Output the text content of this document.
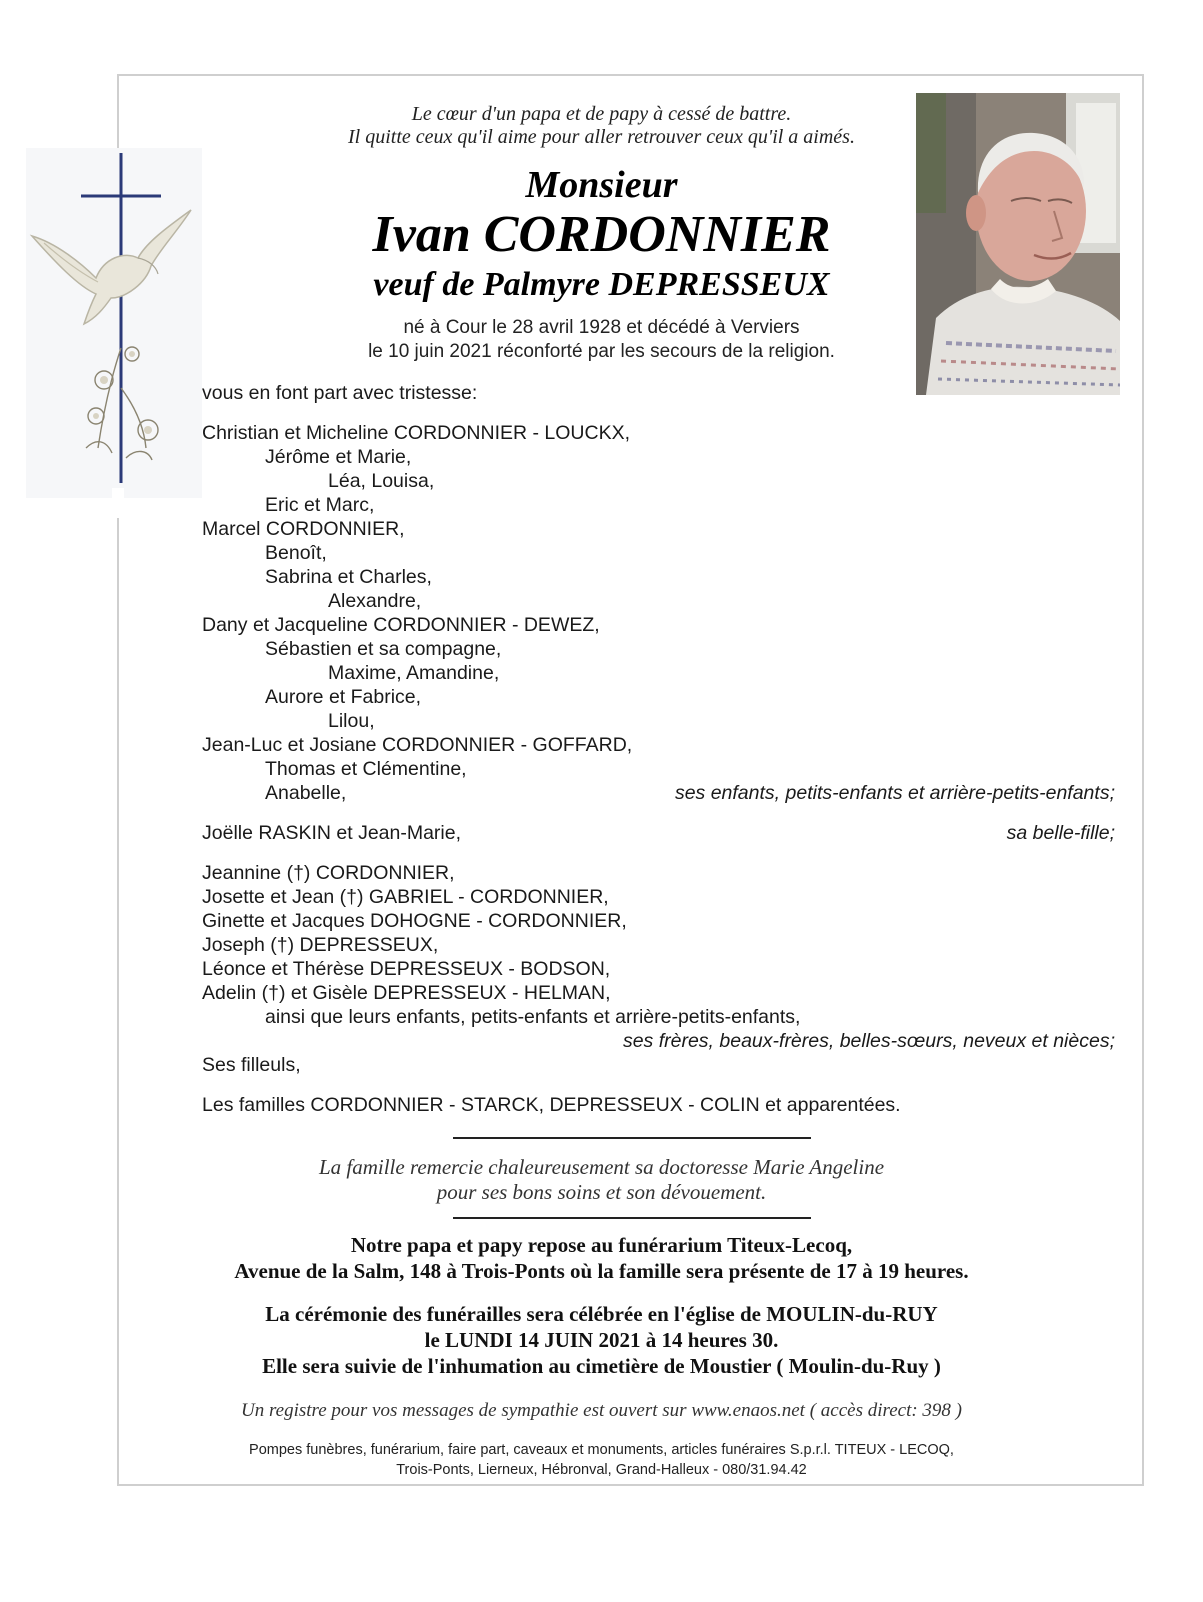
Le cœur d'un papa et de papy à cessé de battre.
Il quitte ceux qu'il aime pour aller retrouver ceux qu'il a aimés.
Monsieur
Ivan CORDONNIER
veuf de Palmyre DEPRESSEUX
né à Cour le 28 avril 1928 et décédé à Verviers
le 10 juin 2021 réconforté par les secours de la religion.
vous en font part avec tristesse:
Christian et Micheline CORDONNIER - LOUCKX,
Jérôme et Marie,
Léa, Louisa,
Eric et Marc,
Marcel CORDONNIER,
Benoît,
Sabrina et Charles,
Alexandre,
Dany et Jacqueline CORDONNIER - DEWEZ,
Sébastien et sa compagne,
Maxime, Amandine,
Aurore et Fabrice,
Lilou,
Jean-Luc et Josiane CORDONNIER - GOFFARD,
Thomas et Clémentine,
Anabelle,	ses enfants, petits-enfants et arrière-petits-enfants;
Joëlle RASKIN et Jean-Marie,	sa belle-fille;
Jeannine (†) CORDONNIER,
Josette et Jean (†) GABRIEL - CORDONNIER,
Ginette et Jacques DOHOGNE - CORDONNIER,
Joseph (†) DEPRESSEUX,
Léonce et Thérèse DEPRESSEUX - BODSON,
Adelin (†) et Gisèle DEPRESSEUX - HELMAN,
ainsi que leurs enfants, petits-enfants et arrière-petits-enfants,
ses frères, beaux-frères, belles-sœurs, neveux et nièces;
Ses filleuls,
Les familles CORDONNIER - STARCK, DEPRESSEUX - COLIN et apparentées.
La famille remercie chaleureusement sa doctoresse Marie Angeline
pour ses bons soins et son dévouement.
Notre papa et papy repose au funérarium Titeux-Lecoq,
Avenue de la Salm, 148 à Trois-Ponts où la famille sera présente de 17 à 19 heures.
La cérémonie des funérailles sera célébrée en l'église de MOULIN-du-RUY
le LUNDI 14 JUIN 2021 à 14 heures 30.
Elle sera suivie de l'inhumation au cimetière de Moustier ( Moulin-du-Ruy )
Un registre pour vos messages de sympathie est ouvert sur www.enaos.net ( accès direct: 398 )
Pompes funèbres, funérarium, faire part, caveaux et monuments, articles funéraires S.p.r.l. TITEUX - LECOQ,
Trois-Ponts, Lierneux, Hébronval, Grand-Halleux - 080/31.94.42
